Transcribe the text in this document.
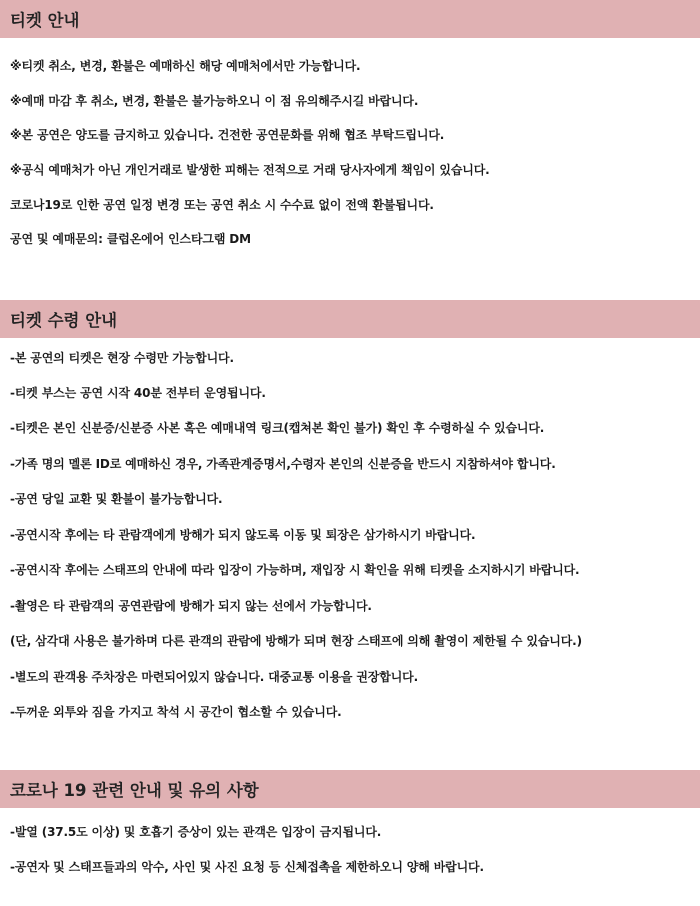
티켓 안내
※티켓 취소, 변경, 환불은 예매하신 해당 예매처에서만 가능합니다.
※예매 마감 후 취소, 변경, 환불은 불가능하오니 이 점 유의해주시길 바랍니다.
※본 공연은 양도를 금지하고 있습니다. 건전한 공연문화를 위해 협조 부탁드립니다.
※공식 예매처가 아닌 개인거래로 발생한 피해는 전적으로 거래 당사자에게 책임이 있습니다.
코로나19로 인한 공연 일정 변경 또는 공연 취소 시 수수료 없이 전액 환불됩니다.
공연 및 예매문의: 클럽온에어 인스타그램 DM
티켓 수령 안내
-본 공연의 티켓은 현장 수령만 가능합니다.
-티켓 부스는 공연 시작 40분 전부터 운영됩니다.
-티켓은 본인 신분증/신분증 사본 혹은 예매내역 링크(캡쳐본 확인 불가) 확인 후 수령하실 수 있습니다.
-가족 명의 멜론 ID로 예매하신 경우, 가족관계증명서,수령자 본인의 신분증을 반드시 지참하셔야 합니다.
-공연 당일 교환 및 환불이 불가능합니다.
-공연시작 후에는 타 관람객에게 방해가 되지 않도록 이동 및 퇴장은 삼가하시기 바랍니다.
-공연시작 후에는 스태프의 안내에 따라 입장이 가능하며, 재입장 시 확인을 위해 티켓을 소지하시기 바랍니다.
-촬영은 타 관람객의 공연관람에 방해가 되지 않는 선에서 가능합니다.
(단, 삼각대 사용은 불가하며 다른 관객의 관람에 방해가 되며 현장 스태프에 의해 촬영이 제한될 수 있습니다.)
-별도의 관객용 주차장은 마련되어있지 않습니다. 대중교통 이용을 권장합니다.
-두꺼운 외투와 짐을 가지고 착석 시 공간이 협소할 수 있습니다.
코로나 19 관련 안내 및 유의 사항
-발열 (37.5도 이상) 및 호흡기 증상이 있는 관객은 입장이 금지됩니다.
-공연자 및 스태프들과의 악수, 사인 및 사진 요청 등 신체접촉을 제한하오니 양해 바랍니다.
